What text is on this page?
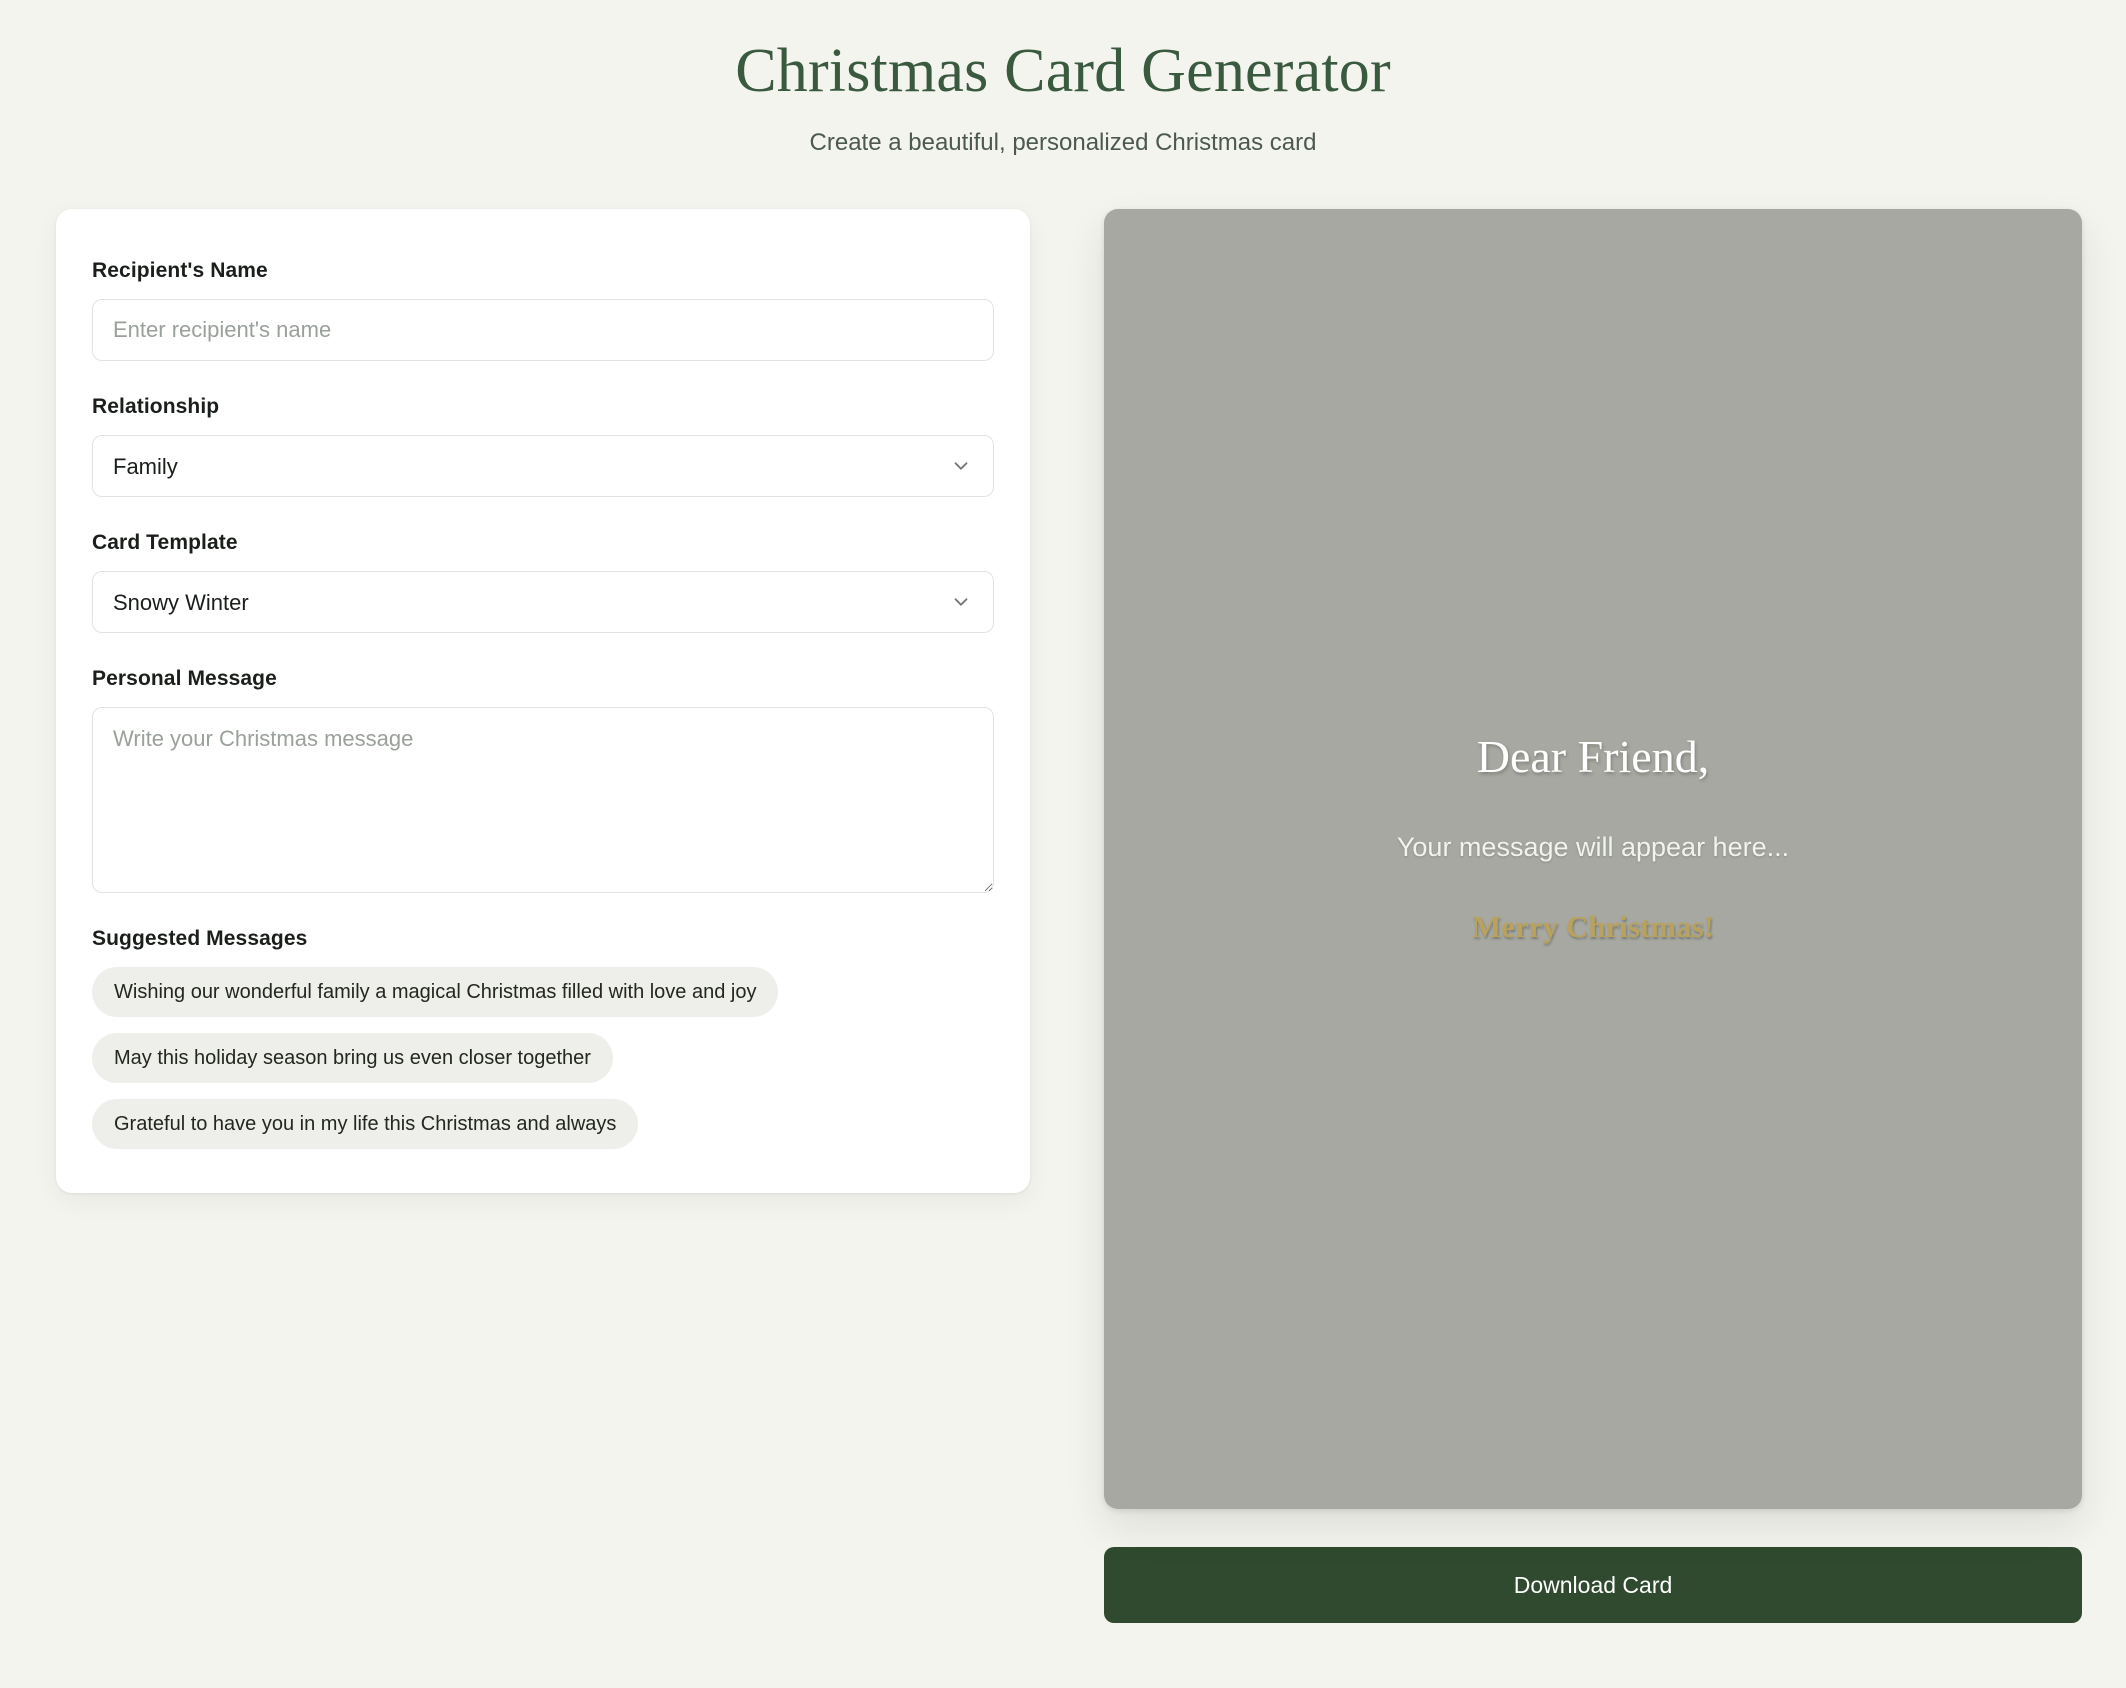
Christmas Card Generator
Create a beautiful, personalized Christmas card
Recipient's Name
Enter recipient's name
Relationship
Family
Card Template
Snowy Winter
Personal Message
Write your Christmas message
Suggested Messages
Wishing our wonderful family a magical Christmas filled with love and joy
May this holiday season bring us even closer together
Grateful to have you in my life this Christmas and always
Dear Friend,
Your message will appear here...
Merry Christmas!
Download Card
